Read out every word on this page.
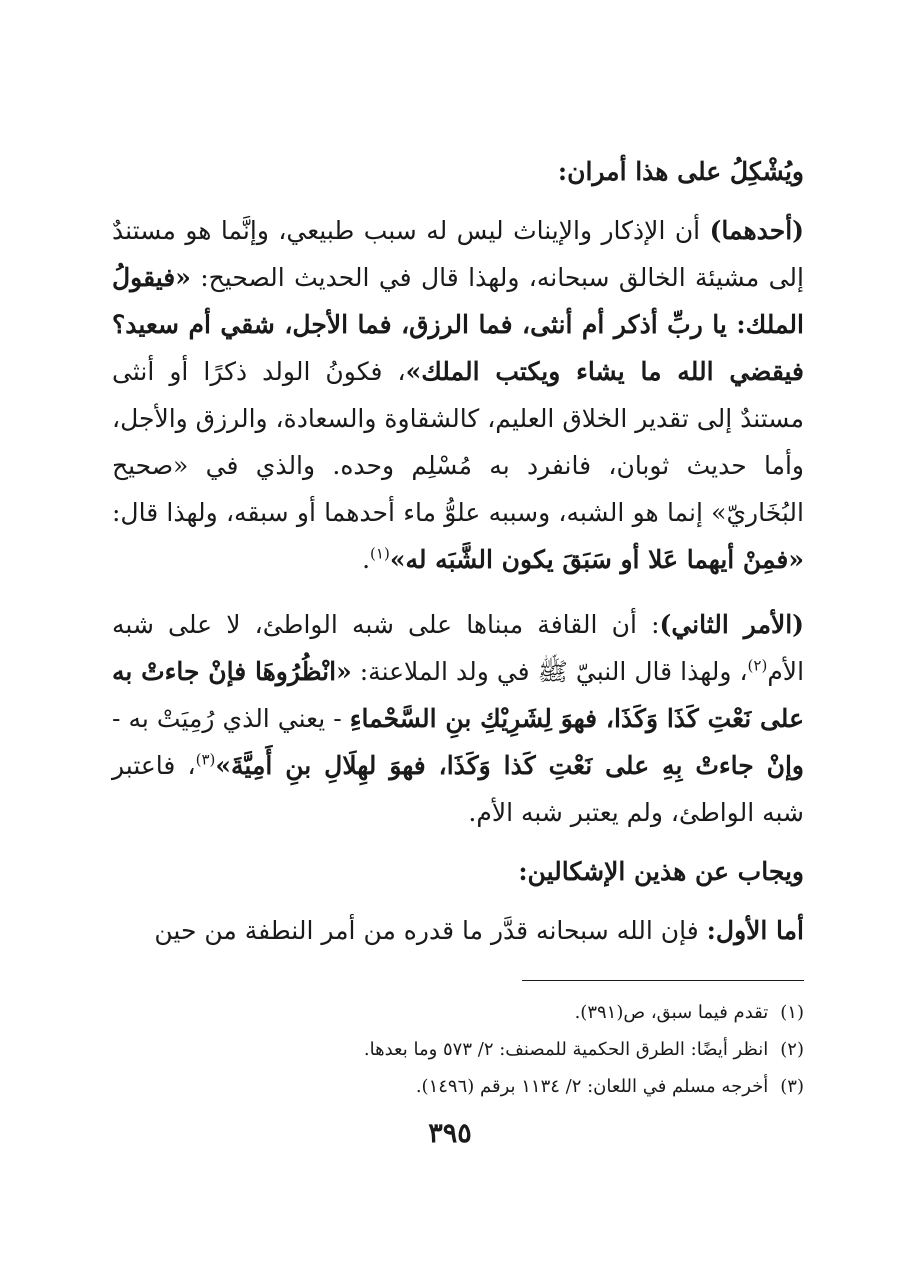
ويُشْكِلُ على هذا أمران:

(أحدهما) أن الإذكار والإيناث ليس له سبب طبيعي، وإنَّما هو مستندٌ إلى مشيئة الخالق سبحانه، ولهذا قال في الحديث الصحيح: «فيقولُ الملك: يا ربِّ أذكر أم أنثى، فما الرزق، فما الأجل، شقي أم سعيد؟ فيقضي الله ما يشاء ويكتب الملك»، فكونُ الولد ذكرًا أو أنثى مستندٌ إلى تقدير الخلاق العليم، كالشقاوة والسعادة، والرزق والأجل، وأما حديث ثوبان، فانفرد به مُسْلِم وحده. والذي في «صحيح البُخَاريّ» إنما هو الشبه، وسببه علوُّ ماء أحدهما أو سبقه، ولهذا قال: «فمِنْ أيهما عَلا أو سَبَقَ يكون الشَّبَه له»$^{(١)}$.

(الأمر الثاني): أن القافة مبناها على شبه الواطئ، لا على شبه الأم$^{(٢)}$، ولهذا قال النبيّ ﷺ في ولد الملاعنة: «انْظُرُوهَا فإنْ جاءتْ به على نَعْتِ كَذَا وَكَذَا، فهوَ لِشَرِيْكِ بنِ السَّحْماءِ - يعني الذي رُمِيَتْ به - وإنْ جاءتْ بِهِ على نَعْتِ كَذا وَكَذَا، فهوَ لهِلَالِ بنِ أَمِيَّةَ»$^{(٣)}$، فاعتبر شبه الواطئ، ولم يعتبر شبه الأم.

ويجاب عن هذين الإشكالين:

أما الأول: فإن الله سبحانه قدَّر ما قدره من أمر النطفة من حين

(١)تقدم فيما سبق، ص(٣٩١).

(٢)انظر أيضًا: الطرق الحكمية للمصنف: ٢/ ٥٧٣ وما بعدها.

(٣)أخرجه مسلم في اللعان: ٢/ ١١٣٤ برقم (١٤٩٦).

٣٩٥
